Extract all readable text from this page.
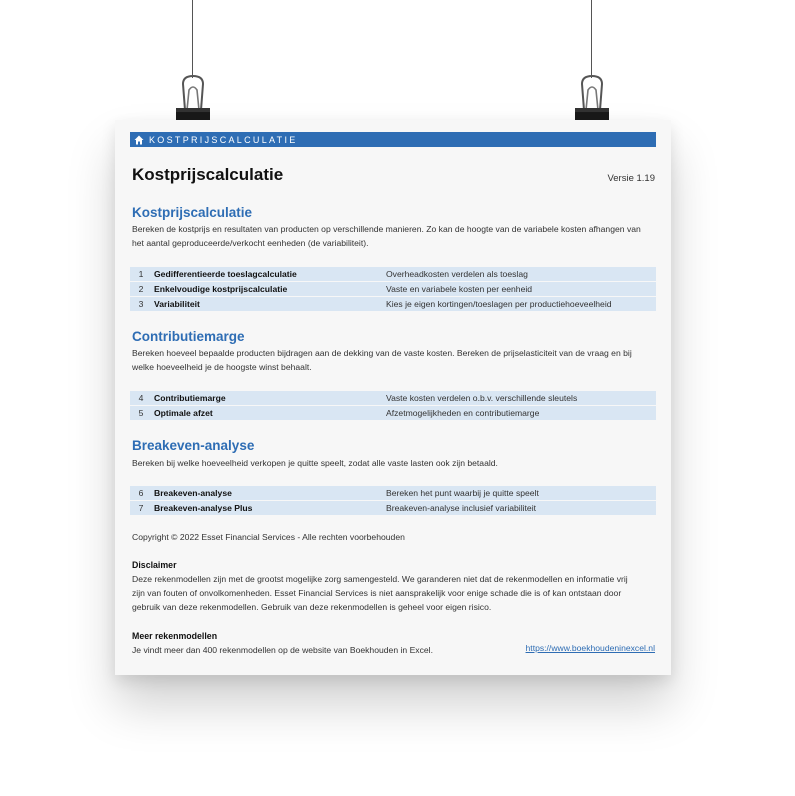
KOSTPRIJSCALCULATIE
Kostprijscalculatie	Versie 1.19
Kostprijscalculatie
Bereken de kostprijs en resultaten van producten op verschillende manieren. Zo kan de hoogte van de variabele kosten afhangen van het aantal geproduceerde/verkocht eenheden (de variabiliteit).
1	Gedifferentieerde toeslagcalculatie	Overheadkosten verdelen als toeslag
2	Enkelvoudige kostprijscalculatie	Vaste en variabele kosten per eenheid
3	Variabiliteit	Kies je eigen kortingen/toeslagen per productiehoeveelheid
Contributiemarge
Bereken hoeveel bepaalde producten bijdragen aan de dekking van de vaste kosten. Bereken de prijselasticiteit van de vraag en bij welke hoeveelheid je de hoogste winst behaalt.
4	Contributiemarge	Vaste kosten verdelen o.b.v. verschillende sleutels
5	Optimale afzet	Afzetmogelijkheden en contributiemarge
Breakeven-analyse
Bereken bij welke hoeveelheid verkopen je quitte speelt, zodat alle vaste lasten ook zijn betaald.
6	Breakeven-analyse	Bereken het punt waarbij je quitte speelt
7	Breakeven-analyse Plus	Breakeven-analyse inclusief variabiliteit
Copyright © 2022 Esset Financial Services - Alle rechten voorbehouden
Disclaimer
Deze rekenmodellen zijn met de grootst mogelijke zorg samengesteld. We garanderen niet dat de rekenmodellen en informatie vrij zijn van fouten of onvolkomenheden. Esset Financial Services is niet aansprakelijk voor enige schade die is of kan ontstaan door gebruik van deze rekenmodellen. Gebruik van deze rekenmodellen is geheel voor eigen risico.
Meer rekenmodellen
Je vindt meer dan 400 rekenmodellen op de website van Boekhouden in Excel.	https://www.boekhoudeninexcel.nl
